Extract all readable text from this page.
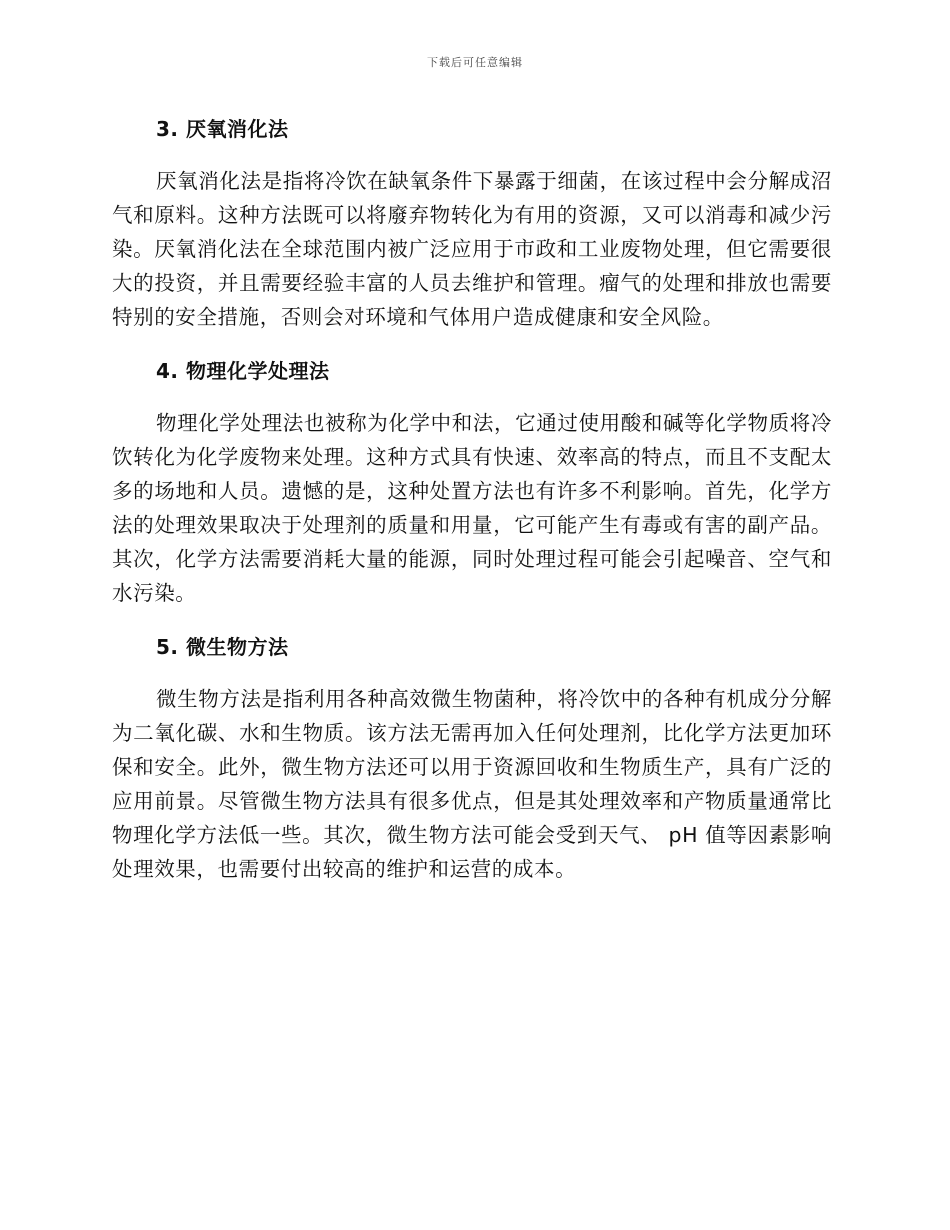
下载后可任意编辑
3. 厌氧消化法

厌氧消化法是指将冷饮在缺氧条件下暴露于细菌，在该过程中会分解成沼气和原料。这种方法既可以将廢弃物转化为有用的资源，又可以消毒和减少污染。厌氧消化法在全球范围内被广泛应用于市政和工业废物处理，但它需要很大的投资，并且需要经验丰富的人员去维护和管理。瘤气的处理和排放也需要特别的安全措施，否则会对环境和气体用户造成健康和安全风险。

4. 物理化学处理法

物理化学处理法也被称为化学中和法，它通过使用酸和碱等化学物质将冷饮转化为化学废物来处理。这种方式具有快速、效率高的特点，而且不支配太多的场地和人员。遗憾的是，这种处置方法也有许多不利影响。首先，化学方法的处理效果取决于处理剂的质量和用量，它可能产生有毒或有害的副产品。其次，化学方法需要消耗大量的能源，同时处理过程可能会引起噪音、空气和水污染。

5. 微生物方法

微生物方法是指利用各种高效微生物菌种，将冷饮中的各种有机成分分解为二氧化碳、水和生物质。该方法无需再加入任何处理剂，比化学方法更加环保和安全。此外，微生物方法还可以用于资源回收和生物质生产，具有广泛的应用前景。尽管微生物方法具有很多优点，但是其处理效率和产物质量通常比物理化学方法低一些。其次，微生物方法可能会受到天气、 pH 值等因素影响处理效果，也需要付出较高的维护和运营的成本。
